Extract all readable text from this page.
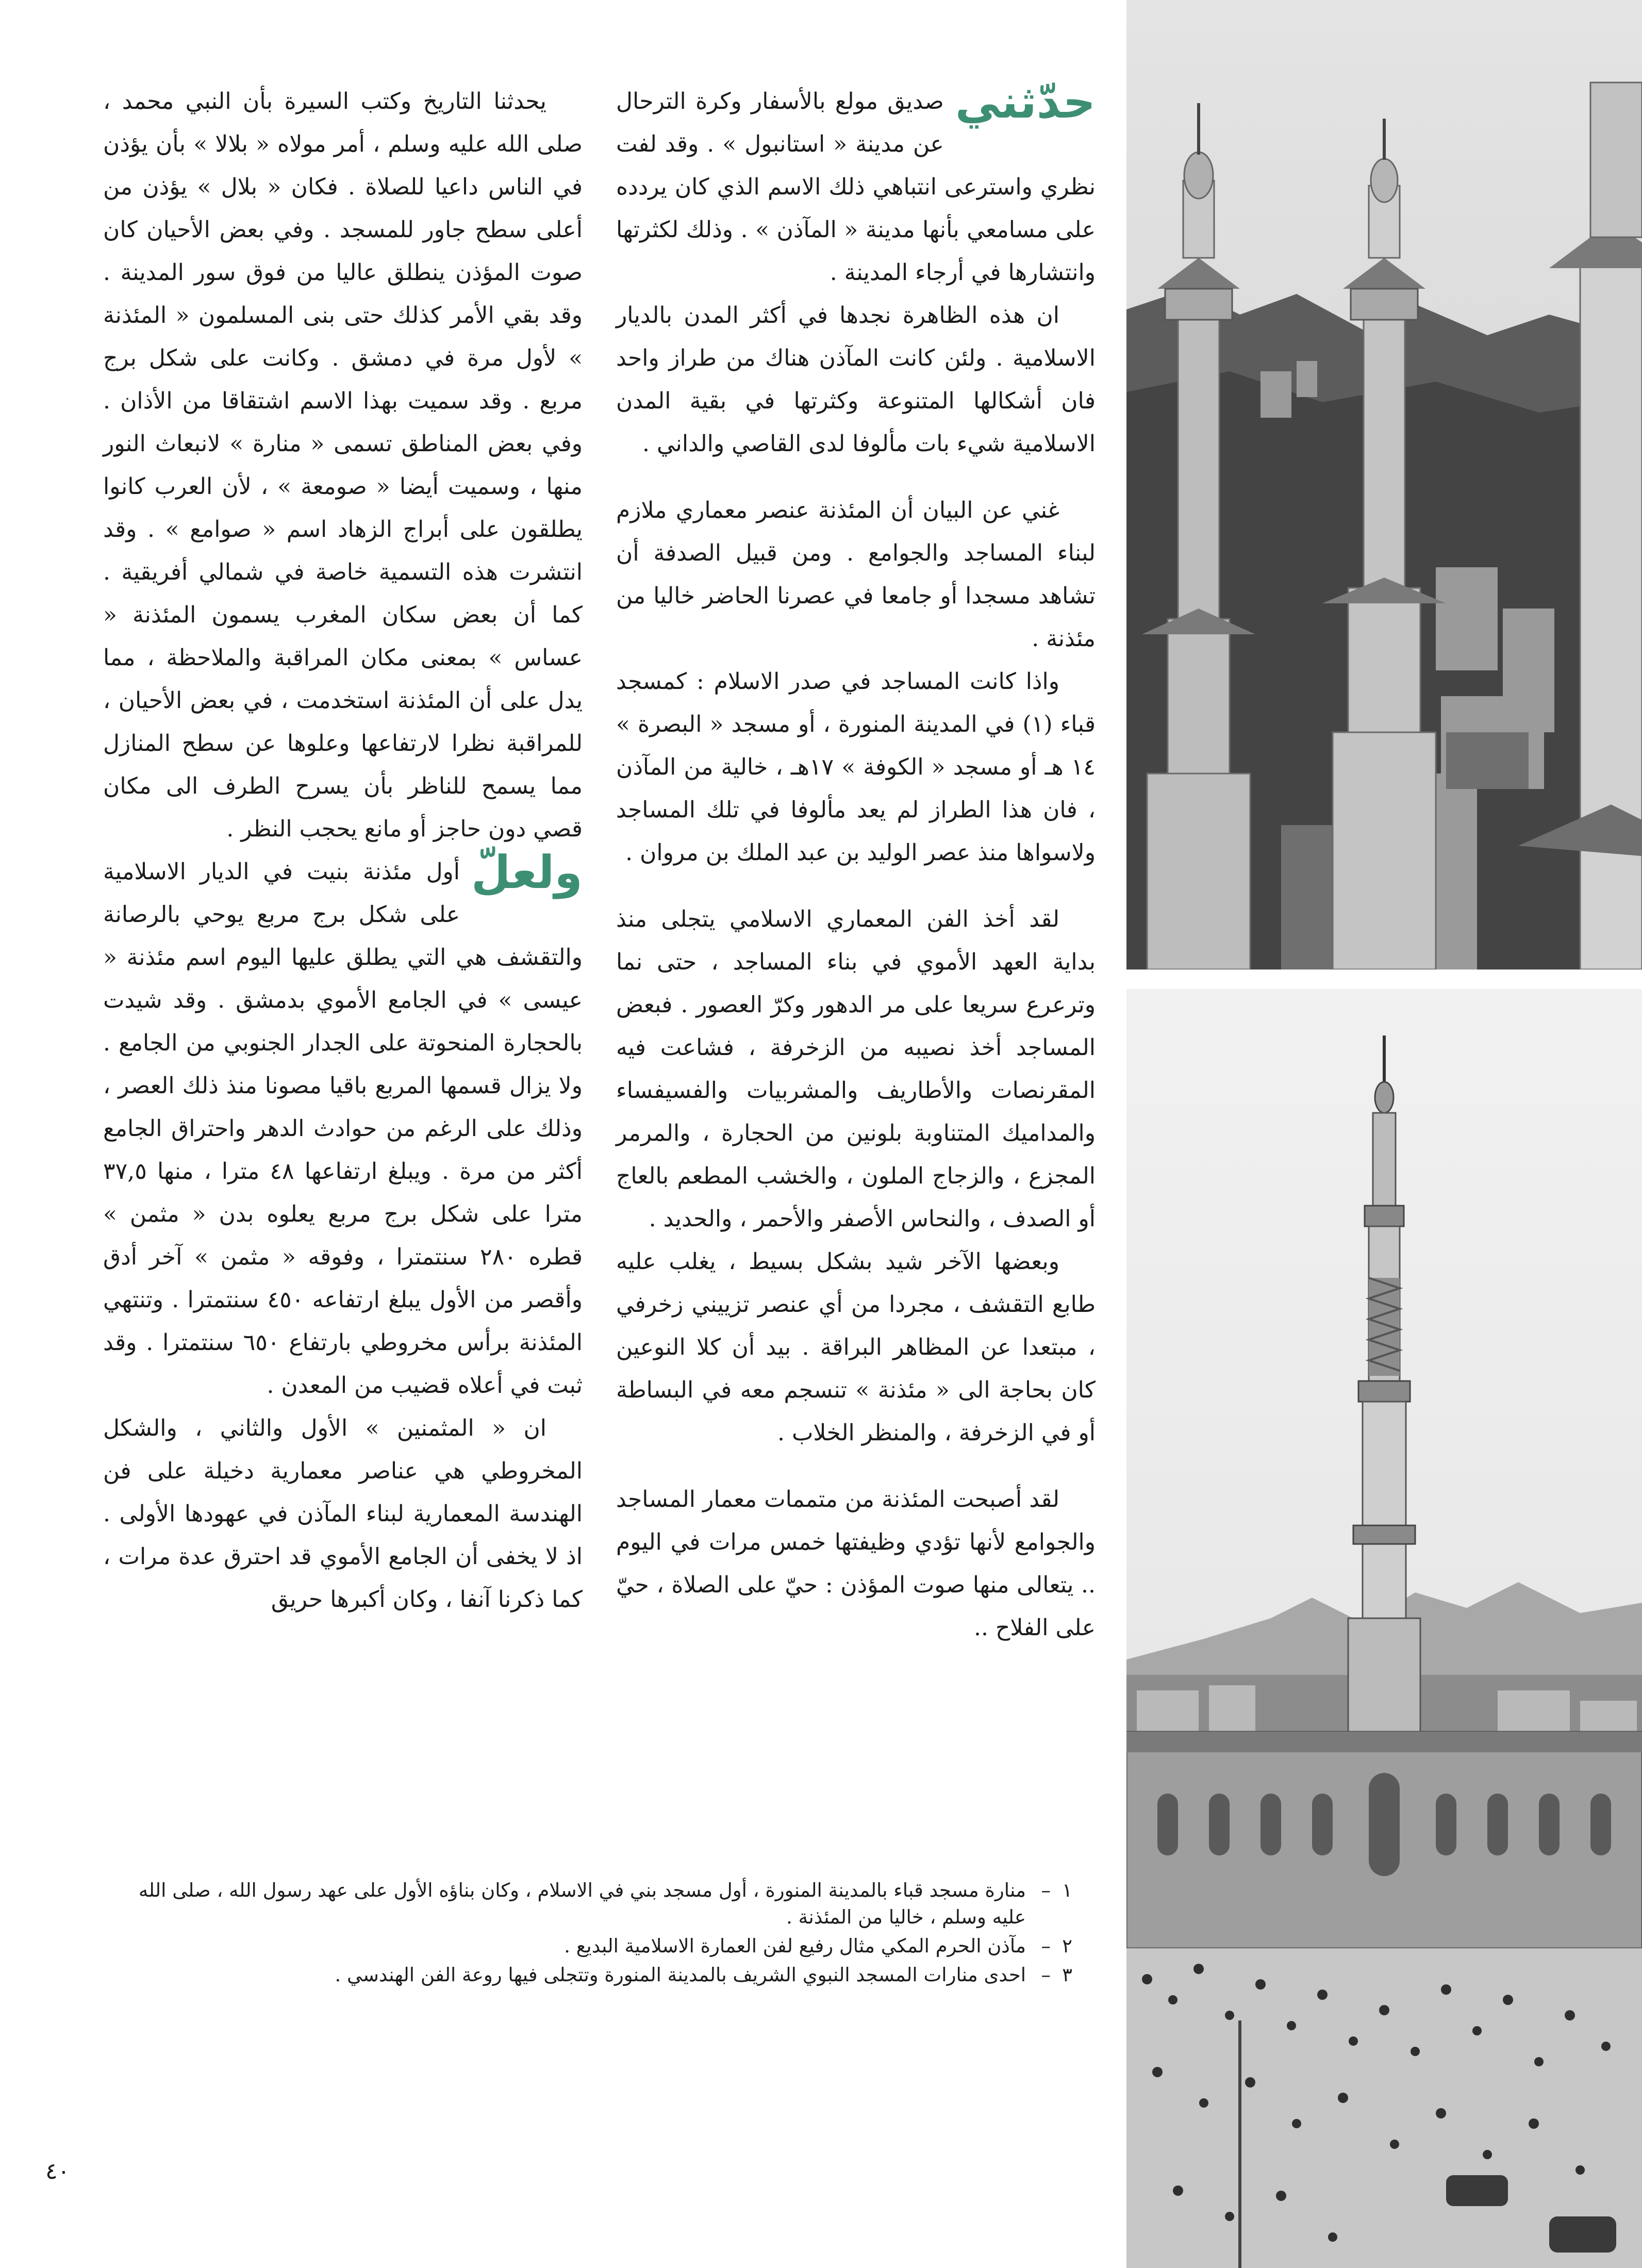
حدّثني
صديق مولع بالأسفار وكرة الترحال عن مدينة « استانبول » . وقد لفت نظري واسترعى انتباهي ذلك الاسم الذي كان يردده على مسامعي بأنها مدينة « المآذن » . وذلك لكثرتها وانتشارها في أرجاء المدينة .

ان هذه الظاهرة نجدها في أكثر المدن بالديار الاسلامية . ولئن كانت المآذن هناك من طراز واحد فان أشكالها المتنوعة وكثرتها في بقية المدن الاسلامية شيء بات مألوفا لدى القاصي والداني .

غني عن البيان أن المئذنة عنصر معماري ملازم لبناء المساجد والجوامع . ومن قبيل الصدفة أن تشاهد مسجدا أو جامعا في عصرنا الحاضر خاليا من مئذنة .

واذا كانت المساجد في صدر الاسلام : كمسجد قباء (١) في المدينة المنورة ، أو مسجد « البصرة » ١٤ هـ أو مسجد « الكوفة » ١٧هـ ، خالية من المآذن ، فان هذا الطراز لم يعد مألوفا في تلك المساجد ولاسواها منذ عصر الوليد بن عبد الملك بن مروان .

لقد أخذ الفن المعماري الاسلامي يتجلى منذ بداية العهد الأموي في بناء المساجد ، حتى نما وترعرع سريعا على مر الدهور وكرّ العصور . فبعض المساجد أخذ نصيبه من الزخرفة ، فشاعت فيه المقرنصات والأطاريف والمشربيات والفسيفساء والمداميك المتناوبة بلونين من الحجارة ، والمرمر المجزع ، والزجاج الملون ، والخشب المطعم بالعاج أو الصدف ، والنحاس الأصفر والأحمر ، والحديد .

وبعضها الآخر شيد بشكل بسيط ، يغلب عليه طابع التقشف ، مجردا من أي عنصر تزييني زخرفي ، مبتعدا عن المظاهر البراقة . بيد أن كلا النوعين كان بحاجة الى « مئذنة » تنسجم معه في البساطة أو في الزخرفة ، والمنظر الخلاب .

لقد أصبحت المئذنة من متممات معمار المساجد والجوامع لأنها تؤدي وظيفتها خمس مرات في اليوم .. يتعالى منها صوت المؤذن : حيّ على الصلاة ، حيّ على الفلاح ..

يحدثنا التاريخ وكتب السيرة بأن النبي محمد ، صلى الله عليه وسلم ، أمر مولاه « بلالا » بأن يؤذن في الناس داعيا للصلاة . فكان « بلال » يؤذن من أعلى سطح جاور للمسجد . وفي بعض الأحيان كان صوت المؤذن ينطلق عاليا من فوق سور المدينة . وقد بقي الأمر كذلك حتى بنى المسلمون « المئذنة » لأول مرة في دمشق . وكانت على شكل برج مربع . وقد سميت بهذا الاسم اشتقاقا من الأذان . وفي بعض المناطق تسمى « منارة » لانبعاث النور منها ، وسميت أيضا « صومعة » ، لأن العرب كانوا يطلقون على أبراج الزهاد اسم « صوامع » . وقد انتشرت هذه التسمية خاصة في شمالي أفريقية . كما أن بعض سكان المغرب يسمون المئذنة « عساس » بمعنى مكان المراقبة والملاحظة ، مما يدل على أن المئذنة استخدمت ، في بعض الأحيان ، للمراقبة نظرا لارتفاعها وعلوها عن سطح المنازل مما يسمح للناظر بأن يسرح الطرف الى مكان قصي دون حاجز أو مانع يحجب النظر .

ولعلّ
أول مئذنة بنيت في الديار الاسلامية على شكل برج مربع يوحي بالرصانة والتقشف هي التي يطلق عليها اليوم اسم مئذنة « عيسى » في الجامع الأموي بدمشق . وقد شيدت بالحجارة المنحوتة على الجدار الجنوبي من الجامع . ولا يزال قسمها المربع باقيا مصونا منذ ذلك العصر ، وذلك على الرغم من حوادث الدهر واحتراق الجامع أكثر من مرة . ويبلغ ارتفاعها ٤٨ مترا ، منها ٣٧,٥ مترا على شكل برج مربع يعلوه بدن « مثمن » قطره ٢٨٠ سنتمترا ، وفوقه « مثمن » آخر أدق وأقصر من الأول يبلغ ارتفاعه ٤٥٠ سنتمترا . وتنتهي المئذنة برأس مخروطي بارتفاع ٦٥٠ سنتمترا . وقد ثبت في أعلاه قضيب من المعدن .

ان « المثمنين » الأول والثاني ، والشكل المخروطي هي عناصر معمارية دخيلة على فن الهندسة المعمارية لبناء المآذن في عهودها الأولى . اذ لا يخفى أن الجامع الأموي قد احترق عدة مرات ، كما ذكرنا آنفا ، وكان أكبرها حريق

١
–
منارة مسجد قباء بالمدينة المنورة ، أول مسجد بني في الاسلام ، وكان بناؤه الأول على عهد رسول الله ، صلى الله عليه وسلم ، خاليا من المئذنة .

٢
–
مآذن الحرم المكي مثال رفيع لفن العمارة الاسلامية البديع .

٣
–
احدى منارات المسجد النبوي الشريف بالمدينة المنورة وتتجلى فيها روعة الفن الهندسي .

٤٠
